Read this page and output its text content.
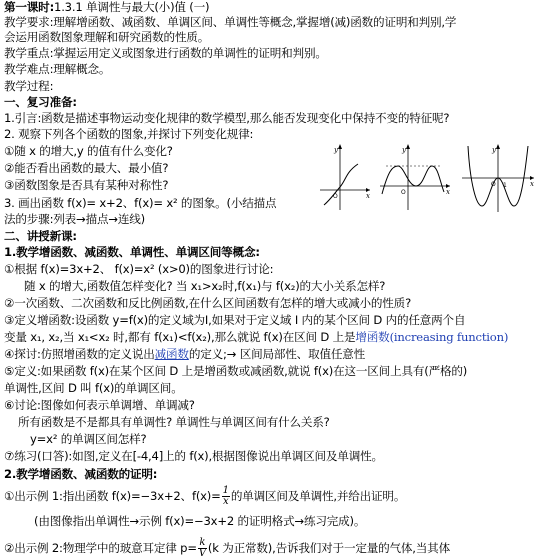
第一课时:1.3.1 单调性与最大(小)值 (一)
教学要求:理解增函数、减函数、单调区间、单调性等概念,掌握增(减)函数的证明和判别,学
会运用函数图象理解和研究函数的性质。
教学重点:掌握运用定义或图象进行函数的单调性的证明和判别。
教学难点:理解概念。
教学过程:
一、复习准备:
1.引言:函数是描述事物运动变化规律的数学模型,那么能否发现变化中保持不变的特征呢?
2. 观察下列各个函数的图象,并探讨下列变化规律:
①随 x 的增大,y 的值有什么变化?
②能否看出函数的最大、最小值?
③函数图象是否具有某种对称性?
3. 画出函数 f(x)= x+2、f(x)= x² 的图象。(小结描点
法的步骤:列表→描点→连线)
二、讲授新课:
1.教学增函数、减函数、单调性、单调区间等概念:
①根据 f(x)=3x+2、 f(x)=x² (x>0)的图象进行讨论:
随 x 的增大,函数值怎样变化? 当 x₁>x₂时,f(x₁)与 f(x₂)的大小关系怎样?
②一次函数、二次函数和反比例函数,在什么区间函数有怎样的增大或减小的性质?
③定义增函数:设函数 y=f(x)的定义域为I,如果对于定义域 I 内的某个区间 D 内的任意两个自
变量 x₁, x₂,当 x₁<x₂ 时,都有 f(x₁)<f(x₂),那么就说 f(x)在区间 D 上是增函数(increasing function)
④探讨:仿照增函数的定义说出减函数的定义;→ 区间局部性、取值任意性
⑤定义:如果函数 f(x)在某个区间 D 上是增函数或减函数,就说 f(x)在这一区间上具有(严格的)
单调性,区间 D 叫 f(x)的单调区间。
⑥讨论:图像如何表示单调增、单调减?
所有函数是不是都具有单调性? 单调性与单调区间有什么关系?
y=x² 的单调区间怎样?
⑦练习(口答):如图,定义在[-4,4]上的 f(x),根据图像说出单调区间及单调性。
2.教学增函数、减函数的证明:
①出示例 1:指出函数 f(x)=−3x+2、$f(x)= \frac{1}{x}$ 的单调区间及单调性,并给出证明。
(由图像指出单调性→示例 f(x)=−3x+2 的证明格式→练习完成)。
②出示例 2:物理学中的玻意耳定律 $p= \frac{k}{V} (k$ 为正常数),告诉我们对于一定量的气体,当其体
y
x
O
y
x
O
y
x
O 1
